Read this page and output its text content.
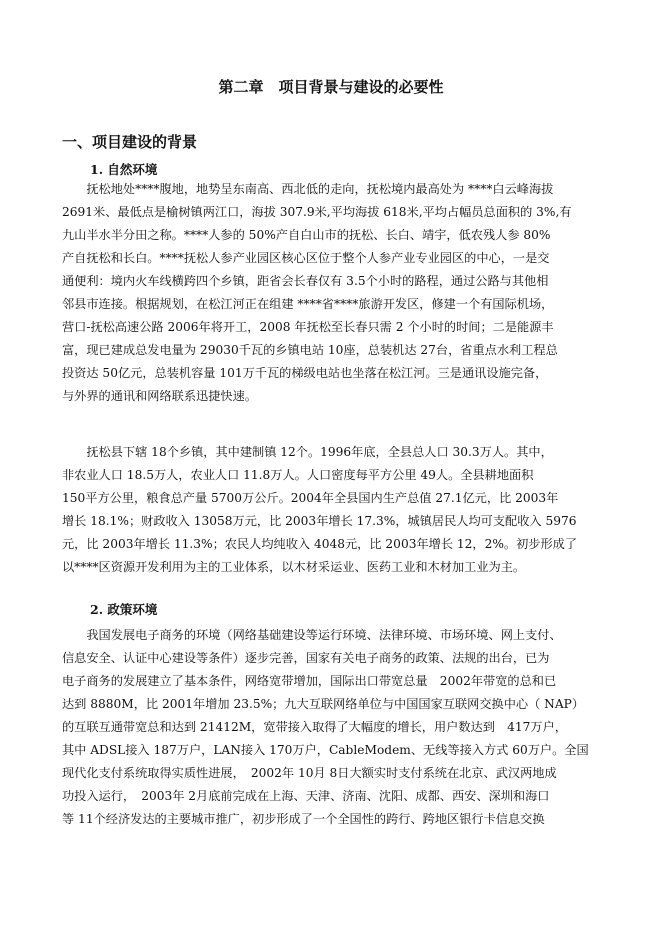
第二章　项目背景与建设的必要性
一、项目建设的背景
1. 自然环境
　　抚松地处****腹地，地势呈东南高、西北低的走向，抚松境内最高处为 ****白云峰海拔
2691米、最低点是榆树镇两江口，海拔 307.9米,平均海拔 618米,平均占幅员总面积的 3%,有
九山半水半分田之称。****人参的 50%产自白山市的抚松、长白、靖宇，低农残人参 80%
产自抚松和长白。****抚松人参产业园区核心区位于整个人参产业专业园区的中心，一是交
通便利：境内火车线横跨四个乡镇，距省会长春仅有 3.5个小时的路程，通过公路与其他相
邻县市连接。根据规划，在松江河正在组建 ****省****旅游开发区，修建一个有国际机场，
营口-抚松高速公路 2006年将开工，2008 年抚松至长春只需 2 个小时的时间；二是能源丰
富，现已建成总发电量为 29030千瓦的乡镇电站 10座，总装机达 27台，省重点水利工程总
投资达 50亿元，总装机容量 101万千瓦的梯级电站也坐落在松江河。三是通讯设施完备，
与外界的通讯和网络联系迅捷快速。
　　抚松县下辖 18个乡镇，其中建制镇 12个。1996年底，全县总人口 30.3万人。其中，
非农业人口 18.5万人，农业人口 11.8万人。人口密度每平方公里 49人。全县耕地面积
150平方公里，粮食总产量 5700万公斤。2004年全县国内生产总值 27.1亿元，比 2003年
增长 18.1%；财政收入 13058万元，比 2003年增长 17.3%，城镇居民人均可支配收入 5976
元，比 2003年增长 11.3%；农民人均纯收入 4048元，比 2003年增长 12，2%。初步形成了
以****区资源开发利用为主的工业体系，以木材采运业、医药工业和木材加工业为主。
2. 政策环境
　　我国发展电子商务的环境（网络基础建设等运行环境、法律环境、市场环境、网上支付、
信息安全、认证中心建设等条件）逐步完善，国家有关电子商务的政策、法规的出台，已为
电子商务的发展建立了基本条件，网络宽带增加，国际出口带宽总量　2002年带宽的总和已
达到 8880M，比 2001年增加 23.5%；九大互联网络单位与中国国家互联网交换中心（ NAP）
的互联互通带宽总和达到 21412M，宽带接入取得了大幅度的增长，用户数达到　417万户，
其中 ADSL接入 187万户，LAN接入 170万户，CableModem、无线等接入方式 60万户。全国
现代化支付系统取得实质性进展，　2002年 10月 8日大额实时支付系统在北京、武汉两地成
功投入运行，　2003年 2月底前完成在上海、天津、济南、沈阳、成都、西安、深圳和海口
等 11个经济发达的主要城市推广，初步形成了一个全国性的跨行、跨地区银行卡信息交换
